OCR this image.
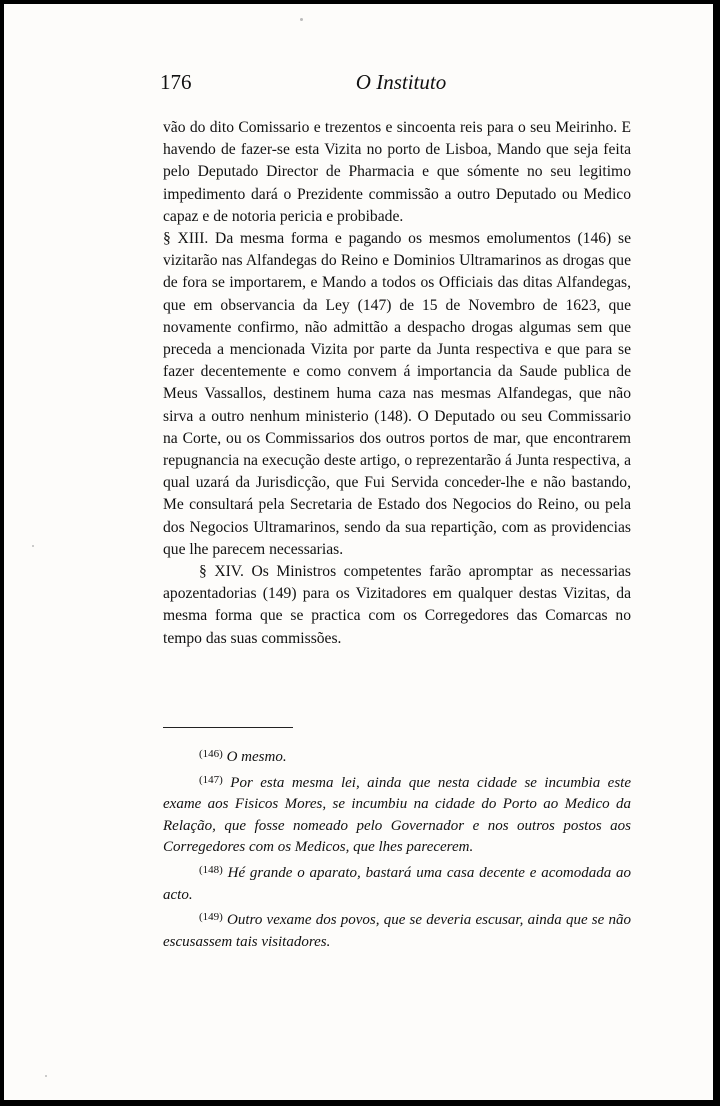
176	O Instituto

vão do dito Comissario e trezentos e sincoenta reis para o seu Meirinho. E havendo de fazer-se esta Vizita no porto de Lisboa, Mando que seja feita pelo Deputado Director de Pharmacia e que sómente no seu legitimo impedimento dará o Prezidente commissão a outro Deputado ou Medico capaz e de notoria pericia e probibade.

§ XIII. Da mesma forma e pagando os mesmos emolumentos (146) se vizitarão nas Alfandegas do Reino e Dominios Ultramarinos as drogas que de fora se importarem, e Mando a todos os Officiais das ditas Alfandegas, que em observancia da Ley (147) de 15 de Novembro de 1623, que novamente confirmo, não admittão a despacho drogas algumas sem que preceda a mencionada Vizita por parte da Junta respectiva e que para se fazer decentemente e como convem á importancia da Saude publica de Meus Vassallos, destinem huma caza nas mesmas Alfandegas, que não sirva a outro nenhum ministerio (148). O Deputado ou seu Commissario na Corte, ou os Commissarios dos outros portos de mar, que encontrarem repugnancia na execução deste artigo, o reprezentarão á Junta respectiva, a qual uzará da Jurisdicção, que Fui Servida conceder-lhe e não bastando, Me consultará pela Secretaria de Estado dos Negocios do Reino, ou pela dos Negocios Ultramarinos, sendo da sua repartição, com as providencias que lhe parecem necessarias.

§ XIV. Os Ministros competentes farão apromptar as necessarias apozentadorias (149) para os Vizitadores em qualquer destas Vizitas, da mesma forma que se practica com os Corregedores das Comarcas no tempo das suas commissões.

$^{(146)}$ O mesmo.

$^{(147)}$ Por esta mesma lei, ainda que nesta cidade se incumbia este exame aos Fisicos Mores, se incumbiu na cidade do Porto ao Medico da Relação, que fosse nomeado pelo Governador e nos outros postos aos Corregedores com os Medicos, que lhes parecerem.

$^{(148)}$ Hé grande o aparato, bastará uma casa decente e acomodada ao acto.

$^{(149)}$ Outro vexame dos povos, que se deveria escusar, ainda que se não escusassem tais visitadores.
